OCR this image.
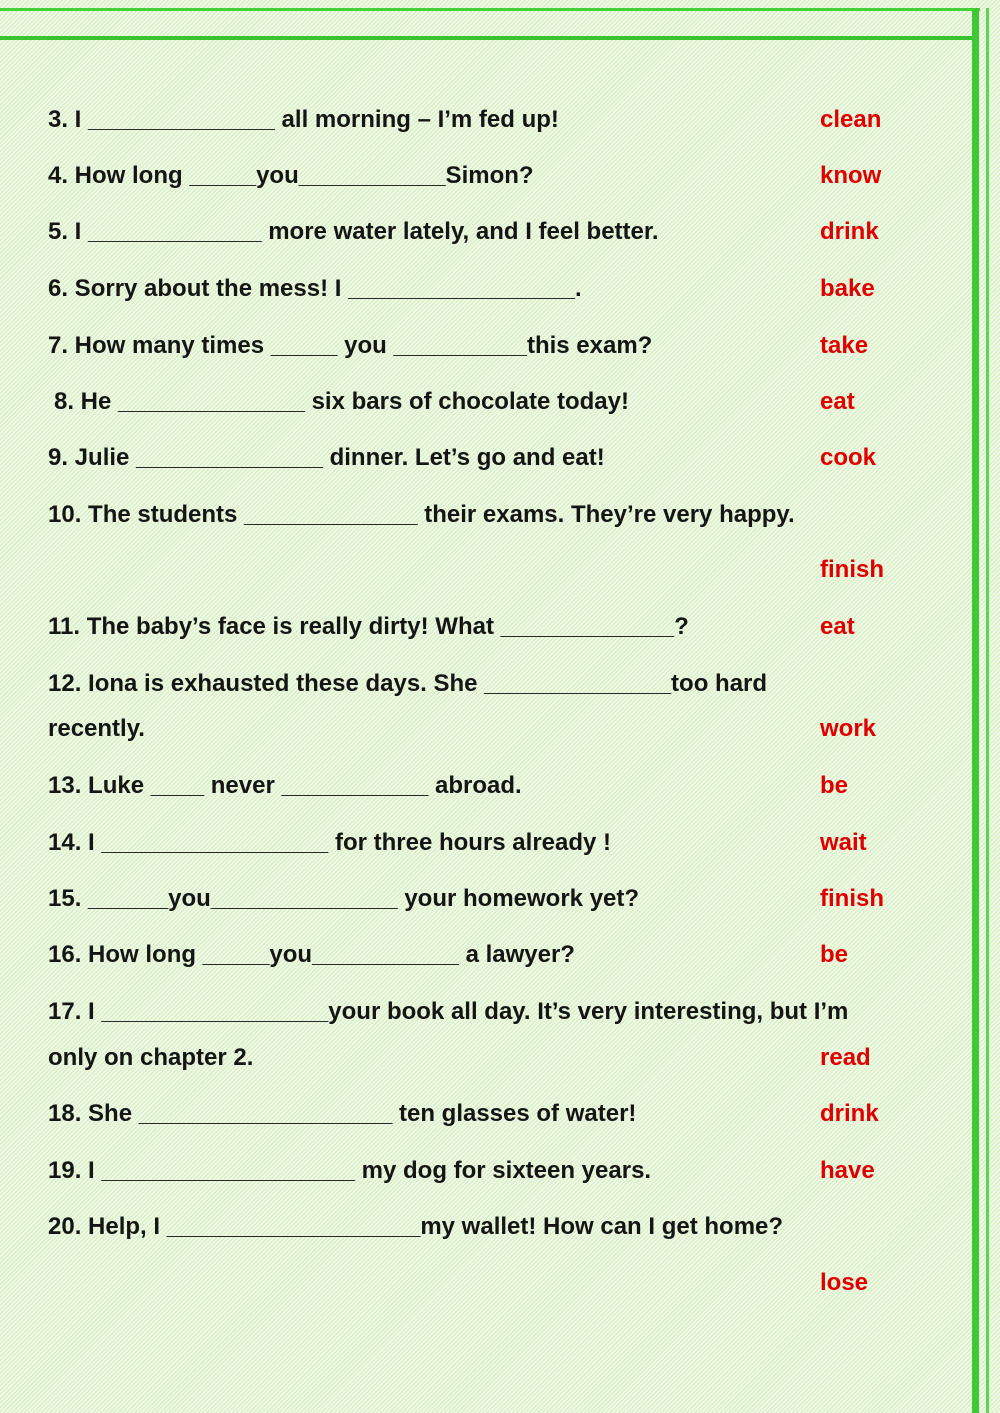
3. I ______________ all morning – I’m fed up!	clean
4. How long _____you___________Simon?	know
5. I _____________ more water lately, and I feel better.	drink
6. Sorry about the mess! I _________________.	bake
7. How many times _____ you __________this exam?	take
8. He ______________ six bars of chocolate today!	eat
9. Julie ______________ dinner. Let’s go and eat!	cook
10. The students _____________ their exams. They’re very happy.
finish
11. The baby’s face is really dirty! What _____________?	eat
12. Iona is exhausted these days. She ______________too hard
recently.	work
13. Luke ____ never ___________ abroad.	be
14. I _________________ for three hours already !	wait
15. ______you______________ your homework yet?	finish
16. How long _____you___________ a lawyer?	be
17. I _________________your book all day. It’s very interesting, but I’m
only on chapter 2.	read
18. She ___________________ ten glasses of water!	drink
19. I ___________________ my dog for sixteen years.	have
20. Help, I ___________________my wallet! How can I get home?
lose
